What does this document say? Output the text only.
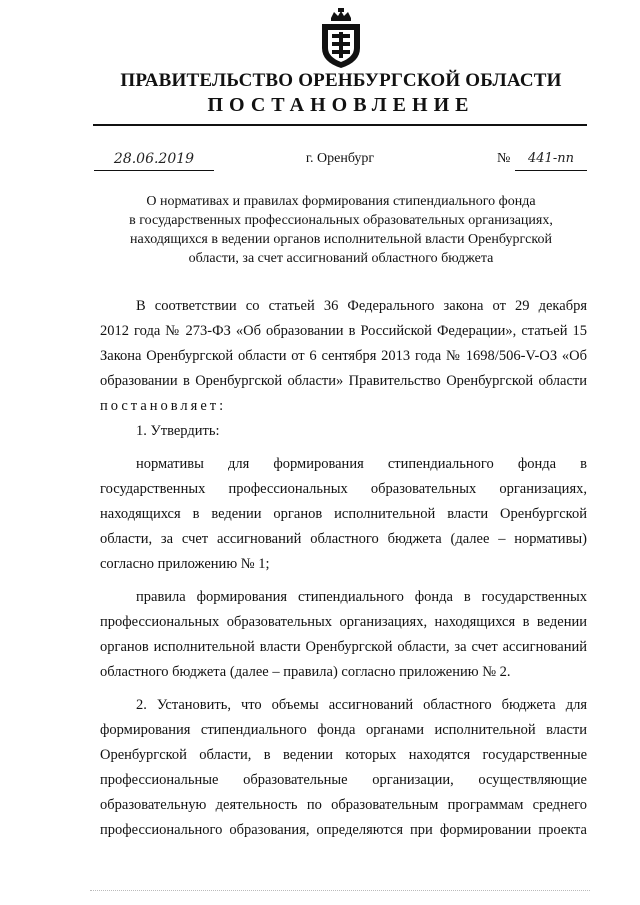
ПРАВИТЕЛЬСТВО ОРЕНБУРГСКОЙ ОБЛАСТИ
ПОСТАНОВЛЕНИЕ
28.06.2019	г. Оренбург	№	441-пп
О нормативах и правилах формирования стипендиального фонда
в государственных профессиональных образовательных организациях,
находящихся в ведении органов исполнительной власти Оренбургской
области, за счет ассигнований областного бюджета
В соответствии со статьей 36 Федерального закона от 29 декабря
2012 года № 273-ФЗ «Об образовании в Российской Федерации», статьей 15
Закона Оренбургской области от 6 сентября 2013 года № 1698/506-V-ОЗ «Об
образовании в Оренбургской области» Правительство Оренбургской области
постановляет:
1. Утвердить:
нормативы для формирования стипендиального фонда в
государственных профессиональных образовательных организациях,
находящихся в ведении органов исполнительной власти Оренбургской
области, за счет ассигнований областного бюджета (далее – нормативы)
согласно приложению № 1;
правила формирования стипендиального фонда в государственных
профессиональных образовательных организациях, находящихся в ведении
органов исполнительной власти Оренбургской области, за счет ассигнований
областного бюджета (далее – правила) согласно приложению № 2.
2. Установить, что объемы ассигнований областного бюджета для
формирования стипендиального фонда органами исполнительной власти
Оренбургской области, в ведении которых находятся государственные
профессиональные образовательные организации, осуществляющие
образовательную деятельность по образовательным программам среднего
профессионального образования, определяются при формировании проекта
